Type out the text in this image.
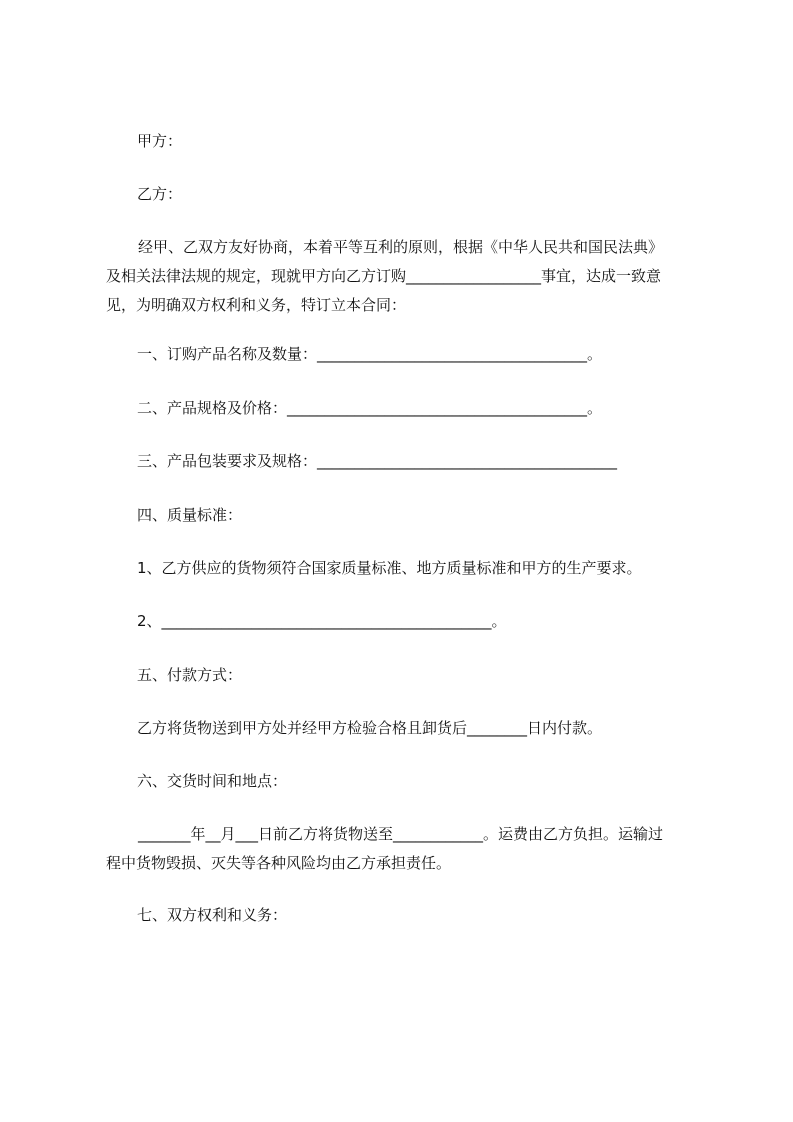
甲方：

乙方：

经甲、乙双方友好协商，本着平等互利的原则，根据《中华人民共和国民法典》

及相关法律法规的规定，现就甲方向乙方订购__________________事宜，达成一致意

见，为明确双方权利和义务，特订立本合同：

一、订购产品名称及数量：____________________________________。

二、产品规格及价格：________________________________________。

三、产品包装要求及规格：________________________________________

四、质量标准：

1、乙方供应的货物须符合国家质量标准、地方质量标准和甲方的生产要求。

2、____________________________________________。

五、付款方式：

乙方将货物送到甲方处并经甲方检验合格且卸货后________日内付款。

六、交货时间和地点：

_______年__月___日前乙方将货物送至____________。运费由乙方负担。运输过

程中货物毁损、灭失等各种风险均由乙方承担责任。

七、双方权利和义务：
